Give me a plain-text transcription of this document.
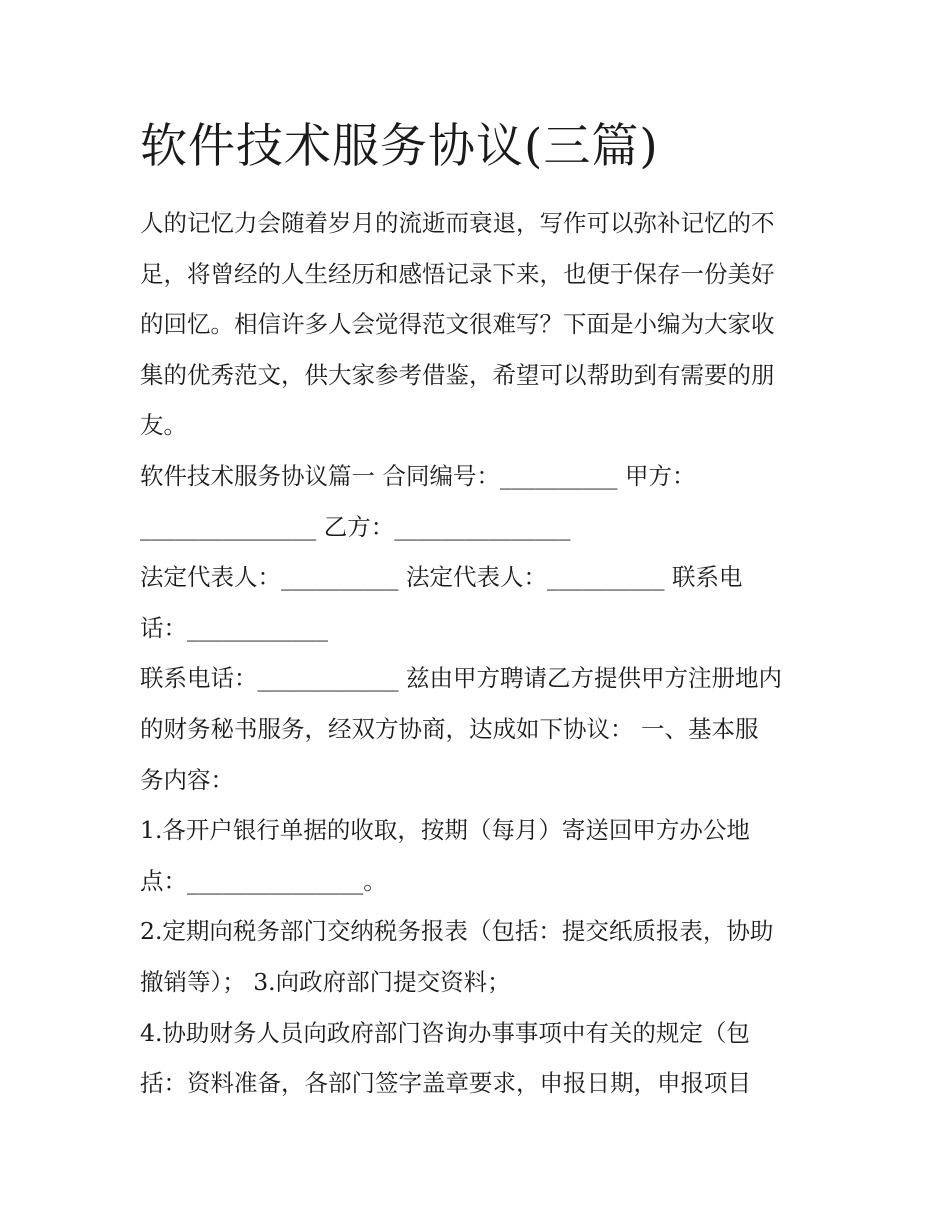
软件技术服务协议(三篇)

人的记忆力会随着岁月的流逝而衰退，写作可以弥补记忆的不
足，将曾经的人生经历和感悟记录下来，也便于保存一份美好
的回忆。相信许多人会觉得范文很难写？下面是小编为大家收
集的优秀范文，供大家参考借鉴，希望可以帮助到有需要的朋
友。

软件技术服务协议篇一 合同编号：__________ 甲方：
_______________ 乙方：_______________

法定代表人：__________ 法定代表人：__________ 联系电
话：____________

联系电话：____________ 兹由甲方聘请乙方提供甲方注册地内
的财务秘书服务，经双方协商，达成如下协议： 一、基本服
务内容：

1.各开户银行单据的收取，按期（每月）寄送回甲方办公地
点：_______________。

2.定期向税务部门交纳税务报表（包括：提交纸质报表，协助
撤销等）； 3.向政府部门提交资料；

4.协助财务人员向政府部门咨询办事事项中有关的规定（包
括：资料准备，各部门签字盖章要求，申报日期，申报项目
